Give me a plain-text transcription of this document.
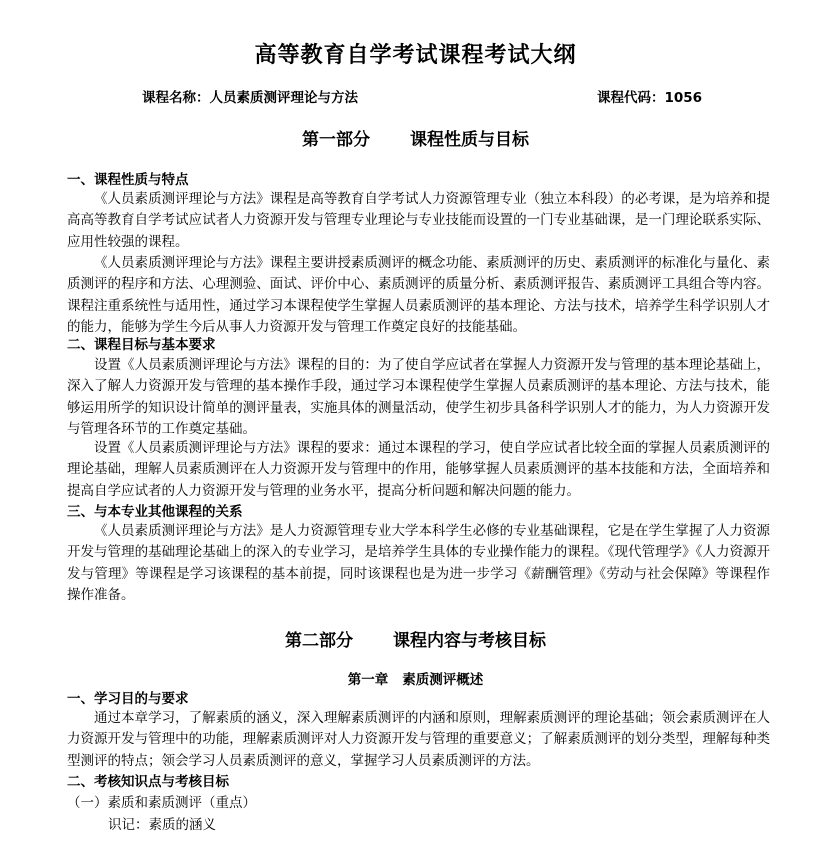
高等教育自学考试课程考试大纲
课程名称：人员素质测评理论与方法	课程代码：1056
第一部分 课程性质与目标
一、课程性质与特点
《人员素质测评理论与方法》课程是高等教育自学考试人力资源管理专业（独立本科段）的必考课，是为培养和提高高等教育自学考试应试者人力资源开发与管理专业理论与专业技能而设置的一门专业基础课，是一门理论联系实际、应用性较强的课程。
《人员素质测评理论与方法》课程主要讲授素质测评的概念功能、素质测评的历史、素质测评的标准化与量化、素质测评的程序和方法、心理测验、面试、评价中心、素质测评的质量分析、素质测评报告、素质测评工具组合等内容。课程注重系统性与适用性，通过学习本课程使学生掌握人员素质测评的基本理论、方法与技术，培养学生科学识别人才的能力，能够为学生今后从事人力资源开发与管理工作奠定良好的技能基础。
二、课程目标与基本要求
设置《人员素质测评理论与方法》课程的目的：为了使自学应试者在掌握人力资源开发与管理的基本理论基础上，深入了解人力资源开发与管理的基本操作手段，通过学习本课程使学生掌握人员素质测评的基本理论、方法与技术，能够运用所学的知识设计简单的测评量表，实施具体的测量活动，使学生初步具备科学识别人才的能力，为人力资源开发与管理各环节的工作奠定基础。
设置《人员素质测评理论与方法》课程的要求：通过本课程的学习，使自学应试者比较全面的掌握人员素质测评的理论基础，理解人员素质测评在人力资源开发与管理中的作用，能够掌握人员素质测评的基本技能和方法，全面培养和提高自学应试者的人力资源开发与管理的业务水平，提高分析问题和解决问题的能力。
三、与本专业其他课程的关系
《人员素质测评理论与方法》是人力资源管理专业大学本科学生必修的专业基础课程，它是在学生掌握了人力资源开发与管理的基础理论基础上的深入的专业学习，是培养学生具体的专业操作能力的课程。《现代管理学》《人力资源开发与管理》等课程是学习该课程的基本前提，同时该课程也是为进一步学习《薪酬管理》《劳动与社会保障》等课程作操作准备。
第二部分 课程内容与考核目标
第一章 素质测评概述
一、学习目的与要求
通过本章学习，了解素质的涵义，深入理解素质测评的内涵和原则，理解素质测评的理论基础；领会素质测评在人力资源开发与管理中的功能，理解素质测评对人力资源开发与管理的重要意义；了解素质测评的划分类型，理解每种类型测评的特点；领会学习人员素质测评的意义，掌握学习人员素质测评的方法。
二、考核知识点与考核目标
（一）素质和素质测评（重点）
识记：素质的涵义
